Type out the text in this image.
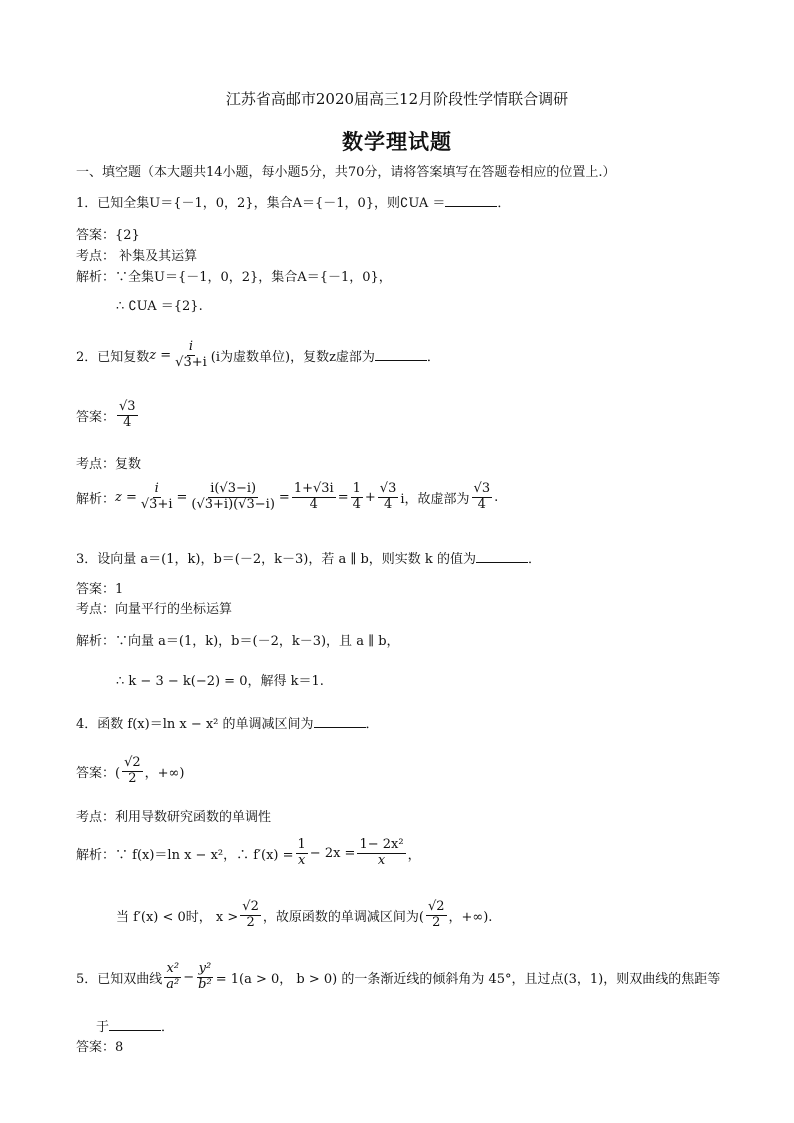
江苏省高邮市2020届高三12月阶段性学情联合调研
数学理试题
一、填空题（本大题共14小题，每小题5分，共70分，请将答案填写在答题卷相应的位置上.）
1．已知全集U＝{－1，0，2}，集合A＝{－1，0}，则∁UA ＝	．
答案：{2}
考点： 补集及其运算
解析：∵全集U＝{－1，0，2}，集合A＝{－1，0}，
∴ ∁UA ＝{2}.
2．已知复数 $z = \frac{i}{√3+i} (i$为虚数单位)，复数z虚部为	．
答案： $\frac{√3}{4}$
考点：复数
解析： $z = \frac{i}{√3+i} = \frac{i(√3-i)}{(√3+i)(√3-i)} = \frac{1+√3i}{4} = \frac{1}{4} + \frac{√3}{4}$ i，故虚部为 $\frac{√3}{4}$ .
3．设向量 a＝(1，k)，b＝(－2，k－3)，若 a ∥ b，则实数 k 的值为	．
答案：1
考点：向量平行的坐标运算
解析：∵向量 a＝(1，k)，b＝(－2，k－3)，且 a ∥ b，
∴ k − 3 − k(−2) = 0，解得 k＝1.
4．函数 f(x)＝ln x − x² 的单调减区间为	．
答案：( $\frac{√2}{2}$ ，+∞)
考点：利用导数研究函数的单调性
解析：∵ f(x)＝ln x − x²，∴ $f'(x) = \frac{1}{x} - 2x = \frac{\text{1− 2x²}}{x}$ ，
当 f′(x) < 0时， $x > \frac{√2}{2}$ ，故原函数的单调减区间为( $\frac{√2}{2}$ ，+∞).
5．已知双曲线 $\frac{\text{x²}}{\text{a²}} - \frac{\text{y²}}{\text{b²}} = 1(a > 0$， b > 0) 的一条渐近线的倾斜角为 45°，且过点(3，1)，则双曲线的焦距等
于	．
答案：8
